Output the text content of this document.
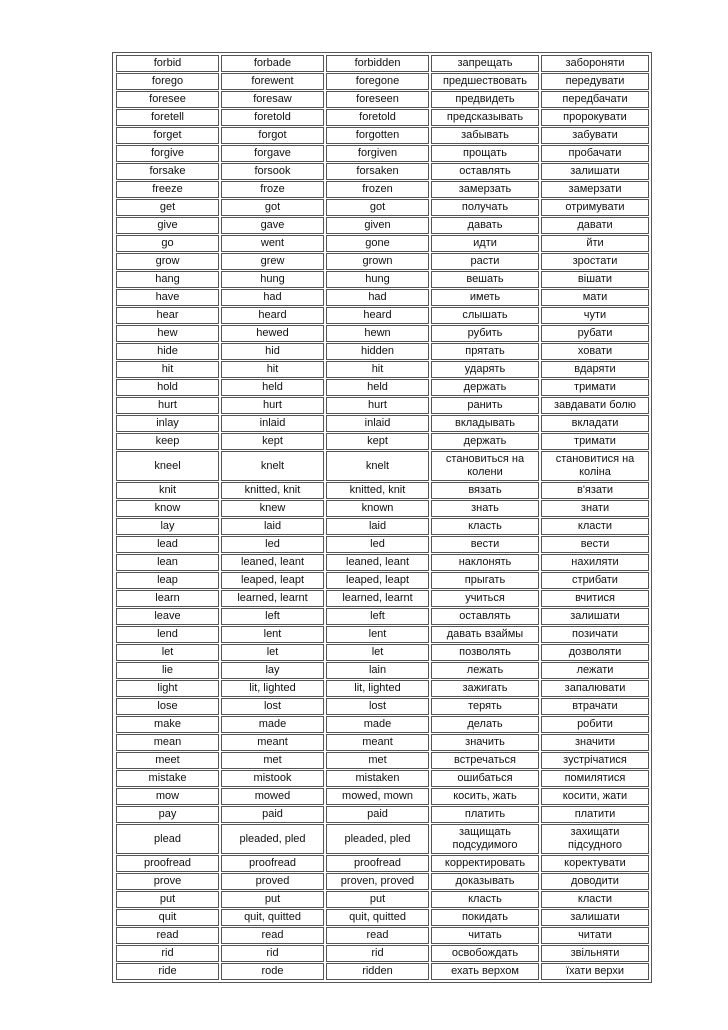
forbid	forbade	forbidden	запрещать	забороняти
forego	forewent	foregone	предшествовать	передувати
foresee	foresaw	foreseen	предвидеть	передбачати
foretell	foretold	foretold	предсказывать	пророкувати
forget	forgot	forgotten	забывать	забувати
forgive	forgave	forgiven	прощать	пробачати
forsake	forsook	forsaken	оставлять	залишати
freeze	froze	frozen	замерзать	замерзати
get	got	got	получать	отримувати
give	gave	given	давать	давати
go	went	gone	идти	йти
grow	grew	grown	расти	зростати
hang	hung	hung	вешать	вішати
have	had	had	иметь	мати
hear	heard	heard	слышать	чути
hew	hewed	hewn	рубить	рубати
hide	hid	hidden	прятать	ховати
hit	hit	hit	ударять	вдаряти
hold	held	held	держать	тримати
hurt	hurt	hurt	ранить	завдавати болю
inlay	inlaid	inlaid	вкладывать	вкладати
keep	kept	kept	держать	тримати
kneel	knelt	knelt	становиться на колени	становитися на коліна
knit	knitted, knit	knitted, knit	вязать	в'язати
know	knew	known	знать	знати
lay	laid	laid	класть	класти
lead	led	led	вести	вести
lean	leaned, leant	leaned, leant	наклонять	нахиляти
leap	leaped, leapt	leaped, leapt	прыгать	стрибати
learn	learned, learnt	learned, learnt	учиться	вчитися
leave	left	left	оставлять	залишати
lend	lent	lent	давать взаймы	позичати
let	let	let	позволять	дозволяти
lie	lay	lain	лежать	лежати
light	lit, lighted	lit, lighted	зажигать	запалювати
lose	lost	lost	терять	втрачати
make	made	made	делать	робити
mean	meant	meant	значить	значити
meet	met	met	встречаться	зустрічатися
mistake	mistook	mistaken	ошибаться	помилятися
mow	mowed	mowed, mown	косить, жать	косити, жати
pay	paid	paid	платить	платити
plead	pleaded, pled	pleaded, pled	защищать подсудимого	захищати підсудного
proofread	proofread	proofread	корректировать	коректувати
prove	proved	proven, proved	доказывать	доводити
put	put	put	класть	класти
quit	quit, quitted	quit, quitted	покидать	залишати
read	read	read	читать	читати
rid	rid	rid	освобождать	звільняти
ride	rode	ridden	ехать верхом	їхати верхи
